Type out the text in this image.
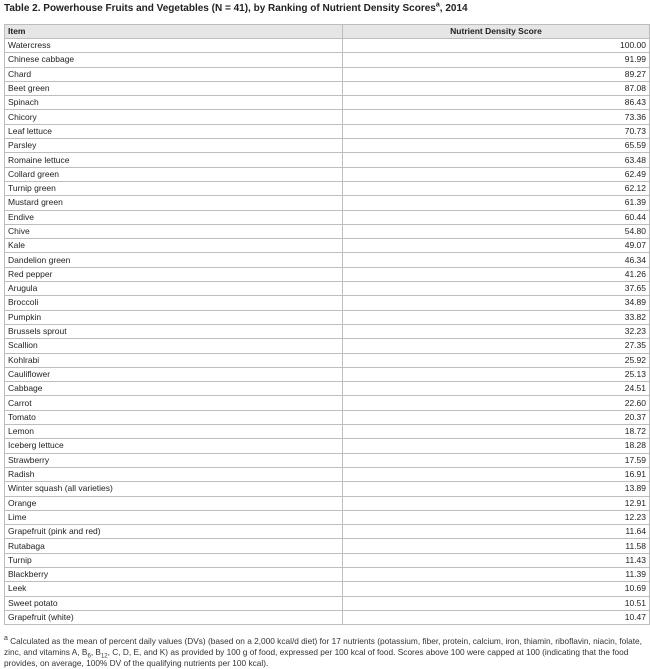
Table 2. Powerhouse Fruits and Vegetables (N = 41), by Ranking of Nutrient Density Scores$^a$, 2014
Item	Nutrient Density Score
Watercress	100.00
Chinese cabbage	91.99
Chard	89.27
Beet green	87.08
Spinach	86.43
Chicory	73.36
Leaf lettuce	70.73
Parsley	65.59
Romaine lettuce	63.48
Collard green	62.49
Turnip green	62.12
Mustard green	61.39
Endive	60.44
Chive	54.80
Kale	49.07
Dandelion green	46.34
Red pepper	41.26
Arugula	37.65
Broccoli	34.89
Pumpkin	33.82
Brussels sprout	32.23
Scallion	27.35
Kohlrabi	25.92
Cauliflower	25.13
Cabbage	24.51
Carrot	22.60
Tomato	20.37
Lemon	18.72
Iceberg lettuce	18.28
Strawberry	17.59
Radish	16.91
Winter squash (all varieties)	13.89
Orange	12.91
Lime	12.23
Grapefruit (pink and red)	11.64
Rutabaga	11.58
Turnip	11.43
Blackberry	11.39
Leek	10.69
Sweet potato	10.51
Grapefruit (white)	10.47
$^a$ Calculated as the mean of percent daily values (DVs) (based on a 2,000 kcal/d diet) for 17 nutrients (potassium, fiber, protein, calcium, iron, thiamin, riboflavin, niacin, folate, zinc, and vitamins A, $B_6$, $B_{12}$, C, D, E, and K) as provided by 100 g of food, expressed per 100 kcal of food. Scores above 100 were capped at 100 (indicating that the food provides, on average, 100% DV of the qualifying nutrients per 100 kcal).
